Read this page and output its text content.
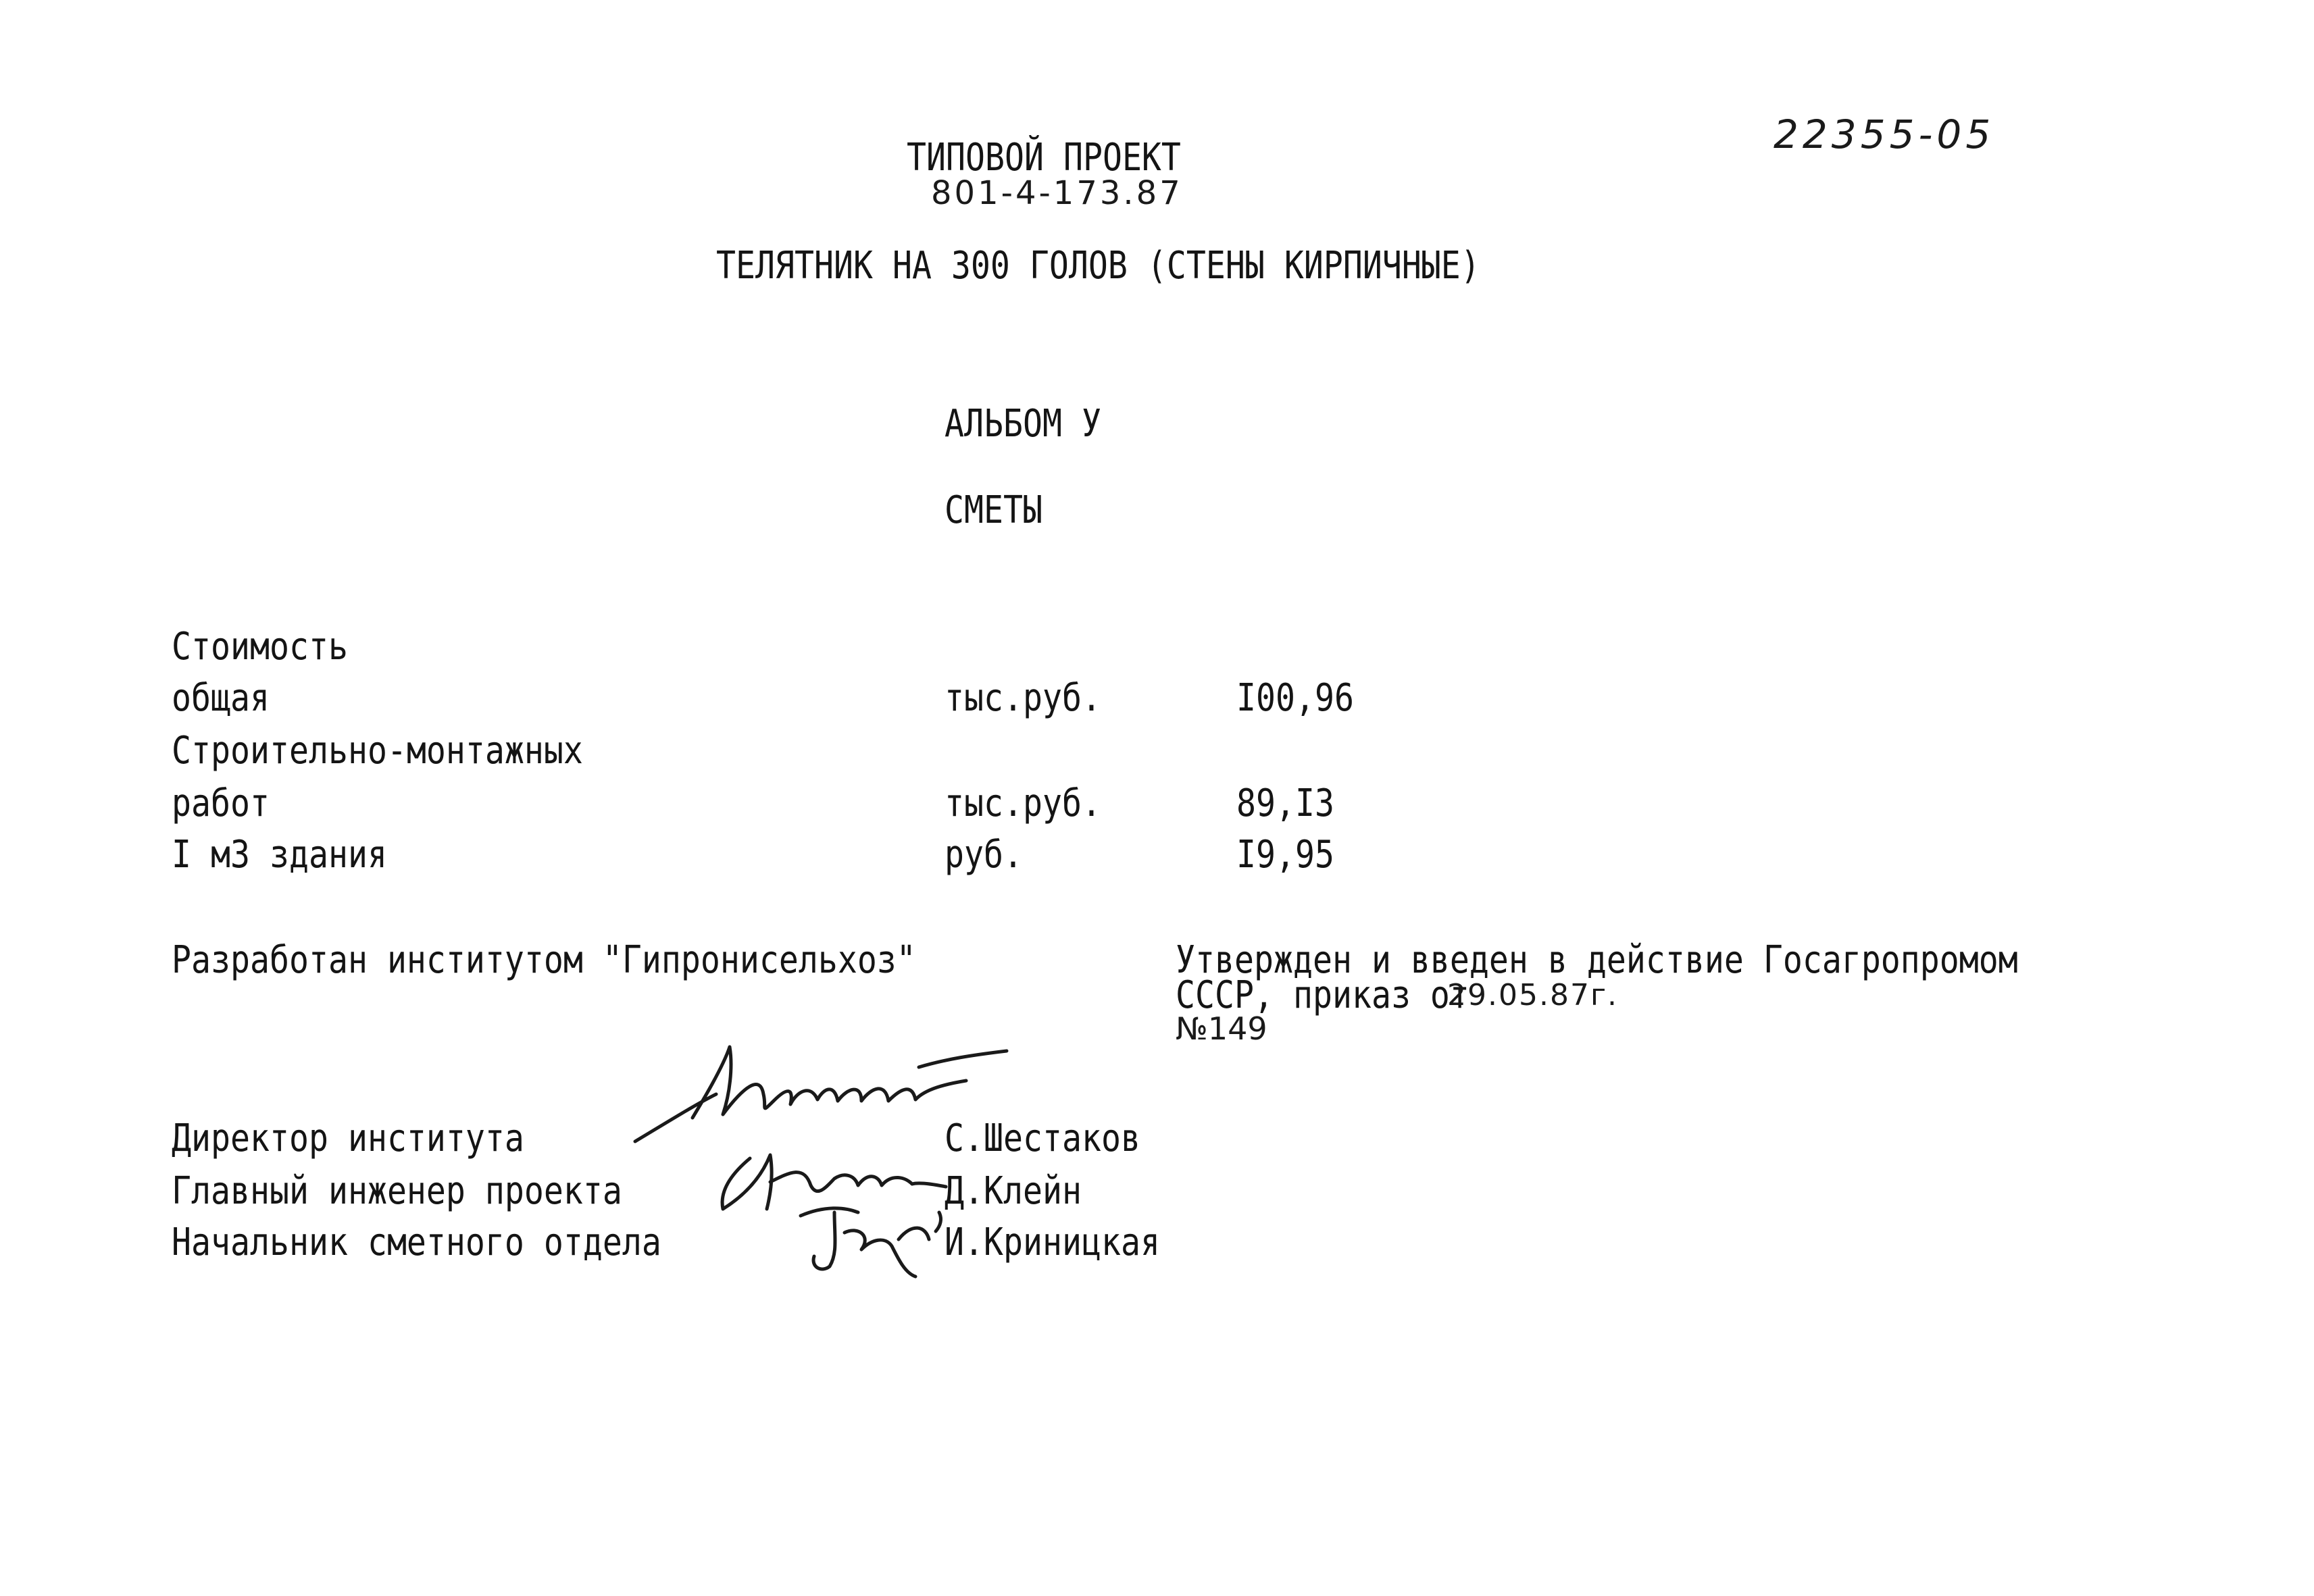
22355-05
ТИПОВОЙ ПРОЕКТ
801-4-173.87
ТЕЛЯТНИК НА 300 ГОЛОВ (СТЕНЫ КИРПИЧНЫЕ)
АЛЬБОМ У
СМЕТЫ
Стоимость
общая	тыс.руб.	I00,96
Строительно-монтажных
работ	тыс.руб.	89,I3
I м3 здания	руб.	I9,95
Разработан институтом "Гипронисельхоз"	Утвержден и введен в действие Госагропромом

СССР, приказ от

29.05.87г.

№149
Директор института	С.Шестаков
Главный инженер проекта	Д.Клейн
Начальник сметного отдела	И.Криницкая
